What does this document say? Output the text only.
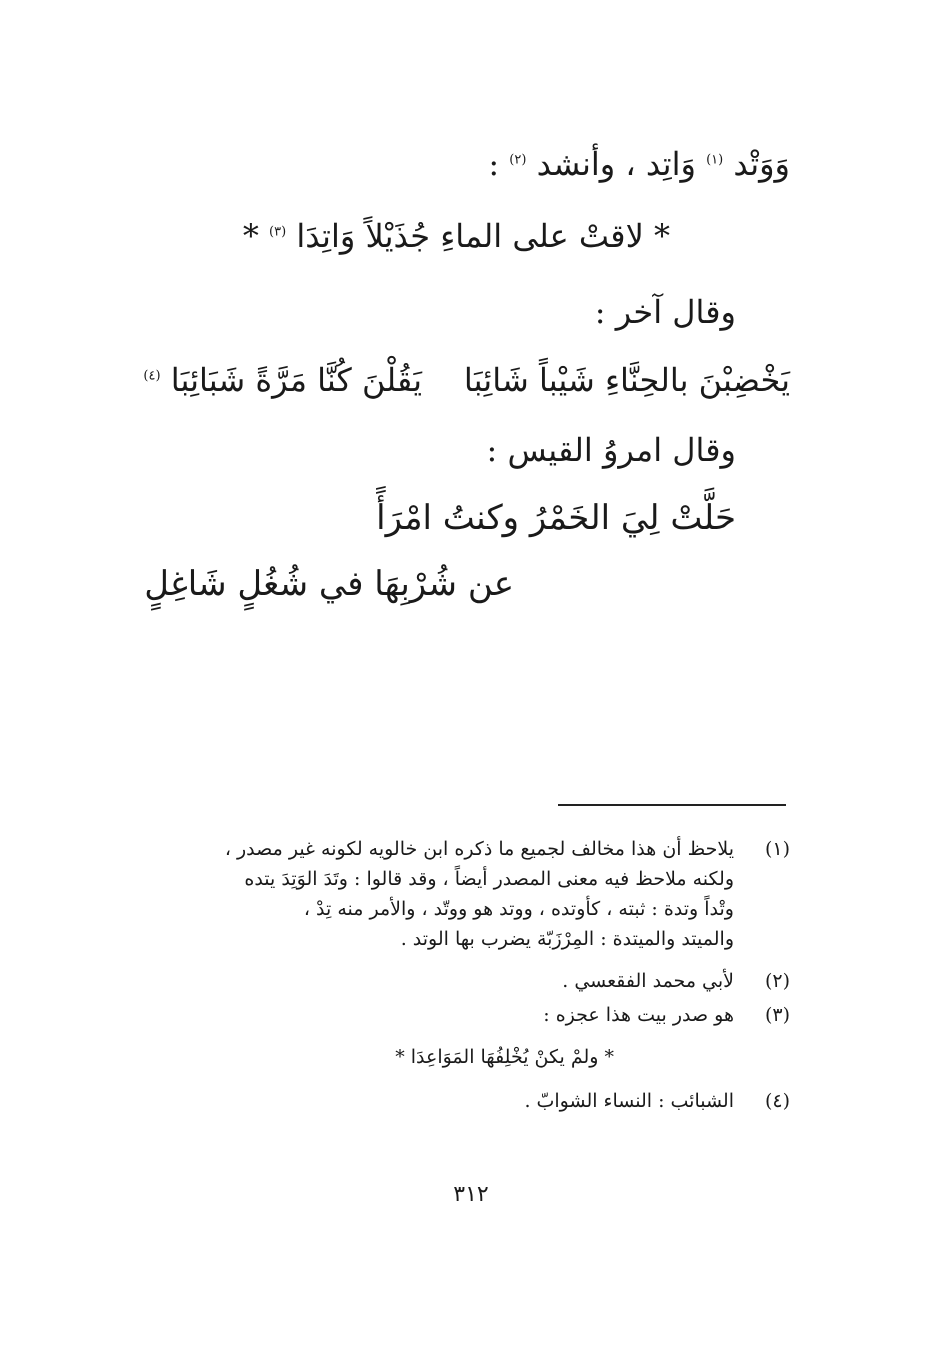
وَوَتْد $^{(١)}$ وَاتِد ، وأنشد $^{(٢)}$ :
* لاقتْ على الماءِ جُذَيْلاً وَاتِدَا $^{(٣)}$ *
وقال آخر :
يَخْضِبْنَ بالحِنَّاءِ شَيْباً شَائِبَا
يَقُلْنَ كُنَّا مَرَّةً شَبَائِبَا $^{(٤)}$
وقال امروُ القيس :
حَلَّتْ لِيَ الخَمْرُ وكنتُ امْرَأً
عن شُرْبِهَا في شُغُلٍ شَاغِلٍ
(١)
يلاحظ أن هذا مخالف لجميع ما ذكره ابن خالويه لكونه غير مصدر ،
ولكنه ملاحظ فيه معنى المصدر أيضاً ، وقد قالوا : وتَدَ الوَتِدَ يتده
وتْداً وتدة : ثبته ، كأوتده ، ووتد هو ووتّد ، والأمر منه تِدْ ،
والميتد والميتدة : المِرْزَبّة يضرب بها الوتد .
(٢)
لأبي محمد الفقعسي .
(٣)
هو صدر بيت هذا عجزه :
* ولمْ يكنْ يُخْلِفُهَا المَوَاعِدَا *
(٤)
الشبائب : النساء الشوابّ .
٣١٢
